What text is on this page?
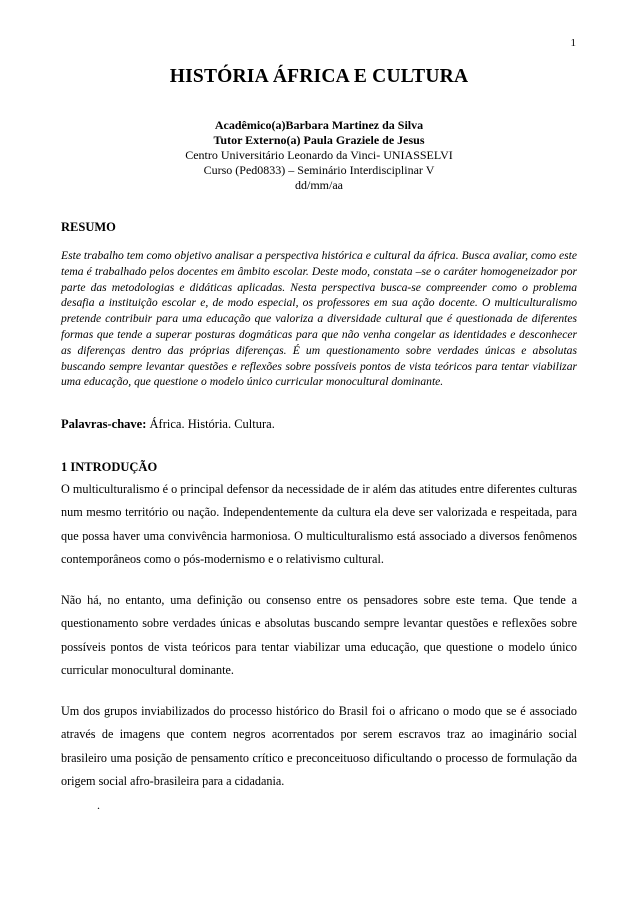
1
HISTÓRIA ÁFRICA E CULTURA
Acadêmico(a)Barbara Martinez da Silva
Tutor Externo(a) Paula Graziele de Jesus
Centro Universitário Leonardo da Vinci- UNIASSELVI
Curso (Ped0833) – Seminário Interdisciplinar V
dd/mm/aa
RESUMO

Este trabalho tem como objetivo analisar a perspectiva histórica e cultural da áfrica. Busca avaliar, como este tema é trabalhado pelos docentes em âmbito escolar. Deste modo, constata –se o caráter homogeneizador por parte das metodologias e didáticas aplicadas. Nesta perspectiva busca-se compreender como o problema desafia a instituição escolar e, de modo especial, os professores em sua ação docente. O multiculturalismo pretende contribuir para uma educação que valoriza a diversidade cultural que é questionada de diferentes formas que tende a superar posturas dogmáticas para que não venha congelar as identidades e desconhecer as diferenças dentro das próprias diferenças. É um questionamento sobre verdades únicas e absolutas buscando sempre levantar questões e reflexões sobre possíveis pontos de vista teóricos para tentar viabilizar uma educação, que questione o modelo único curricular monocultural dominante.

Palavras-chave: África. História. Cultura.

1 INTRODUÇÃO

O multiculturalismo é o principal defensor da necessidade de ir além das atitudes entre diferentes culturas num mesmo território ou nação. Independentemente da cultura ela deve ser valorizada e respeitada, para que possa haver uma convivência harmoniosa. O multiculturalismo está associado a diversos fenômenos contemporâneos como o pós-modernismo e o relativismo cultural.

Não há, no entanto, uma definição ou consenso entre os pensadores sobre este tema. Que tende a questionamento sobre verdades únicas e absolutas buscando sempre levantar questões e reflexões sobre possíveis pontos de vista teóricos para tentar viabilizar uma educação, que questione o modelo único curricular monocultural dominante.

Um dos grupos inviabilizados do processo histórico do Brasil foi o africano o modo que se é associado através de imagens que contem negros acorrentados por serem escravos traz ao imaginário social brasileiro uma posição de pensamento crítico e preconceituoso dificultando o processo de formulação da origem social afro-brasileira para a cidadania.

.
